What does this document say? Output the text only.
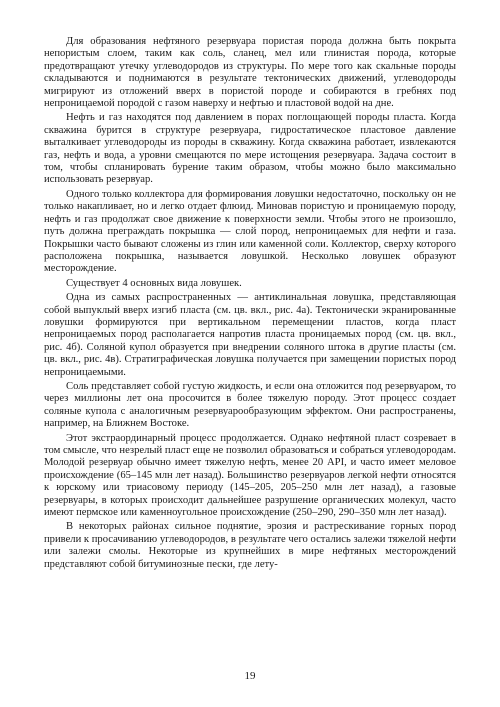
Для образования нефтяного резервуара пористая порода должна быть покрыта непористым слоем, таким как соль, сланец, мел или глинистая порода, которые предотвращают утечку углеводородов из структуры. По мере того как скальные породы складываются и поднимаются в результате тектонических движений, углеводороды мигрируют из отложений вверх в пористой породе и собираются в гребнях под непроницаемой породой с газом наверху и нефтью и пластовой водой на дне.

Нефть и газ находятся под давлением в порах поглощающей породы пласта. Когда скважина бурится в структуре резервуара, гидростатическое пластовое давление выталкивает углеводороды из породы в скважину. Когда скважина работает, извлекаются газ, нефть и вода, а уровни смещаются по мере истощения резервуара. Задача состоит в том, чтобы спланировать бурение таким образом, чтобы можно было максимально использовать резервуар.

Одного только коллектора для формирования ловушки недостаточно, поскольку он не только накапливает, но и легко отдает флюид. Миновав пористую и проницаемую породу, нефть и газ продолжат свое движение к поверхности земли. Чтобы этого не произошло, путь должна преграждать покрышка — слой пород, непроницаемых для нефти и газа. Покрышки часто бывают сложены из глин или каменной соли. Коллектор, сверху которого расположена покрышка, называется ловушкой. Несколько ловушек образуют месторождение.

Существует 4 основных вида ловушек.

Одна из самых распространенных — антиклинальная ловушка, представляющая собой выпуклый вверх изгиб пласта (см. цв. вкл., рис. 4а). Тектонически экранированные ловушки формируются при вертикальном перемещении пластов, когда пласт непроницаемых пород располагается напротив пласта проницаемых пород (см. цв. вкл., рис. 4б). Соляной купол образуется при внедрении соляного штока в другие пласты (см. цв. вкл., рис. 4в). Стратиграфическая ловушка получается при замещении пористых пород непроницаемыми.

Соль представляет собой густую жидкость, и если она отложится под резервуаром, то через миллионы лет она просочится в более тяжелую породу. Этот процесс создает соляные купола с аналогичным резервуарообразующим эффектом. Они распространены, например, на Ближнем Востоке.

Этот экстраординарный процесс продолжается. Однако нефтяной пласт созревает в том смысле, что незрелый пласт еще не позволил образоваться и собраться углеводородам. Молодой резервуар обычно имеет тяжелую нефть, менее 20 API, и часто имеет меловое происхождение (65–145 млн лет назад). Большинство резервуаров легкой нефти относятся к юрскому или триасовому периоду (145–205, 205–250 млн лет назад), а газовые резервуары, в которых происходит дальнейшее разрушение органических молекул, часто имеют пермское или каменноугольное происхождение (250–290, 290–350 млн лет назад).

В некоторых районах сильное поднятие, эрозия и растрескивание горных пород привели к просачиванию углеводородов, в результате чего остались залежи тяжелой нефти или залежи смолы. Некоторые из крупнейших в мире нефтяных месторождений представляют собой битуминозные пески, где лету-

19
